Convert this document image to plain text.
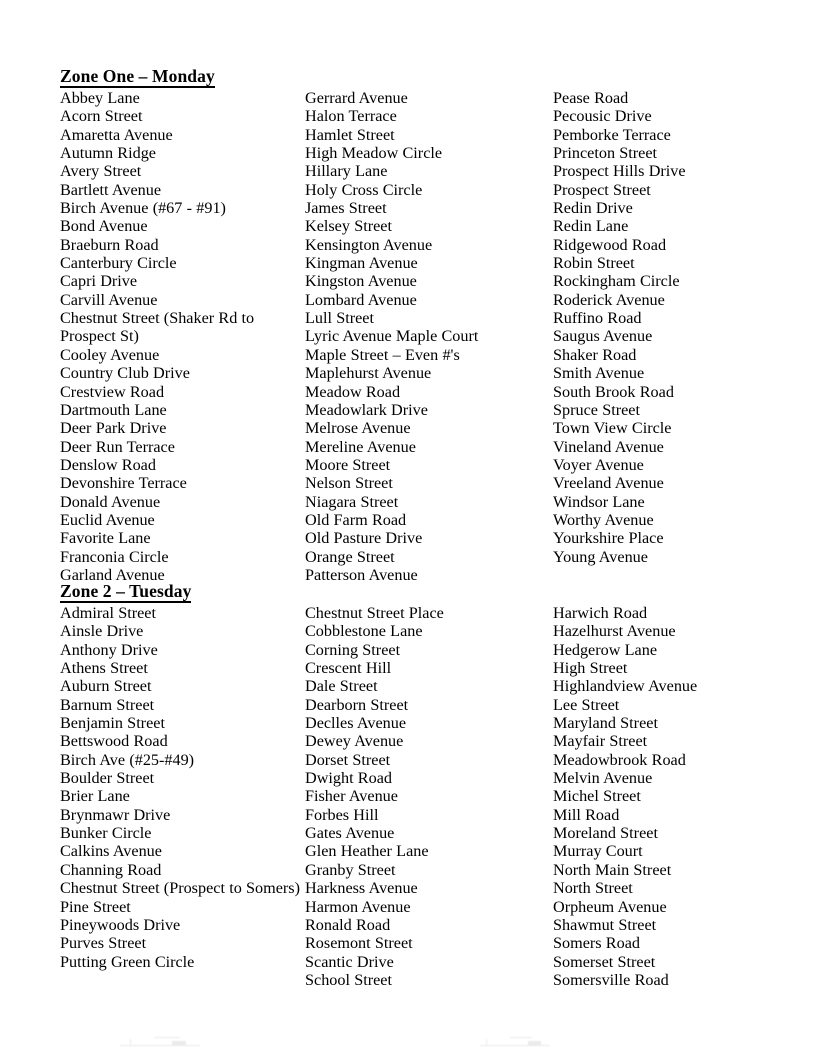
Zone One – Monday
Abbey Lane
Acorn Street
Amaretta Avenue
Autumn Ridge
Avery Street
Bartlett Avenue
Birch Avenue (#67 - #91)
Bond Avenue
Braeburn Road
Canterbury Circle
Capri Drive
Carvill Avenue
Chestnut Street (Shaker Rd to Prospect St)
Cooley Avenue
Country Club Drive
Crestview Road
Dartmouth Lane
Deer Park Drive
Deer Run Terrace
Denslow Road
Devonshire Terrace
Donald Avenue
Euclid Avenue
Favorite Lane
Franconia Circle
Garland Avenue
Gerrard Avenue
Halon Terrace
Hamlet Street
High Meadow Circle
Hillary Lane
Holy Cross Circle
James Street
Kelsey Street
Kensington Avenue
Kingman Avenue
Kingston Avenue
Lombard Avenue
Lull Street
Lyric Avenue Maple Court
Maple Street – Even #'s
Maplehurst Avenue
Meadow Road
Meadowlark Drive
Melrose Avenue
Mereline Avenue
Moore Street
Nelson Street
Niagara Street
Old Farm Road
Old Pasture Drive
Orange Street
Patterson Avenue
Pease Road
Pecousic Drive
Pemborke Terrace
Princeton Street
Prospect Hills Drive
Prospect Street
Redin Drive
Redin Lane
Ridgewood Road
Robin Street
Rockingham Circle
Roderick Avenue
Ruffino Road
Saugus Avenue
Shaker Road
Smith Avenue
South Brook Road
Spruce Street
Town View Circle
Vineland Avenue
Voyer Avenue
Vreeland Avenue
Windsor Lane
Worthy Avenue
Yourkshire Place
Young Avenue
Zone 2 – Tuesday
Admiral Street
Ainsle Drive
Anthony Drive
Athens Street
Auburn Street
Barnum Street
Benjamin Street
Bettswood Road
Birch Ave (#25-#49)
Boulder Street
Brier Lane
Brynmawr Drive
Bunker Circle
Calkins Avenue
Channing Road
Chestnut Street (Prospect to Somers)
Pine Street
Pineywoods Drive
Purves Street
Putting Green Circle
Chestnut Street Place
Cobblestone Lane
Corning Street
Crescent Hill
Dale Street
Dearborn Street
Declles Avenue
Dewey Avenue
Dorset Street
Dwight Road
Fisher Avenue
Forbes Hill
Gates Avenue
Glen Heather Lane
Granby Street
Harkness Avenue
Harmon Avenue
Ronald Road
Rosemont Street
Scantic Drive
School Street
Harwich Road
Hazelhurst Avenue
Hedgerow Lane
High Street
Highlandview Avenue
Lee Street
Maryland Street
Mayfair Street
Meadowbrook Road
Melvin Avenue
Michel Street
Mill Road
Moreland Street
Murray Court
North Main Street
North Street
Orpheum Avenue
Shawmut Street
Somers Road
Somerset Street
Somersville Road
